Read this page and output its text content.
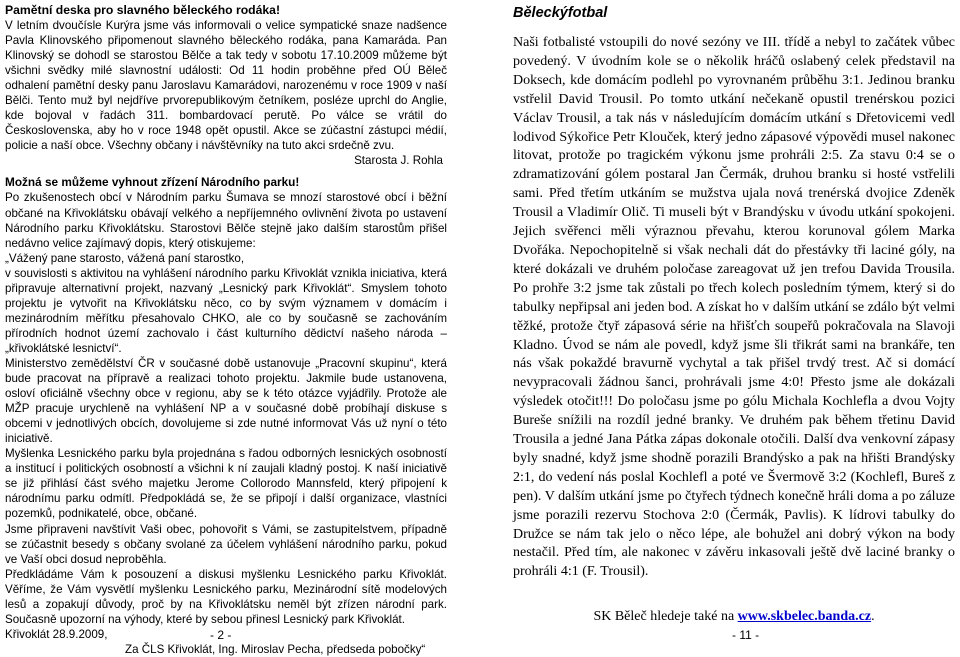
Pamětní deska pro slavného běleckého rodáka!

V letním dvoučísle Kurýra jsme vás informovali o velice sympatické snaze nadšence Pavla Klinovského připomenout slavného běleckého rodáka, pana Kamaráda. Pan Klinovský se dohodl se starostou Bělče a tak tedy v sobotu 17.10.2009 můžeme být všichni svědky milé slavnostní události: Od 11 hodin proběhne před OÚ Běleč odhalení pamětní desky panu Jaroslavu Kamarádovi, narozenému v roce 1909 v naší Bělči. Tento muž byl nejdříve prvorepublikovým četníkem, posléze uprchl do Anglie, kde bojoval v řadách 311. bombardovací perutě. Po válce se vrátil do Československa, aby ho v roce 1948 opět opustil. Akce se zúčastní zástupci médií, policie a naší obce. Všechny občany i návštěvníky na tuto akci srdečně zvu.

Starosta J. Rohla

Možná se můžeme vyhnout zřízení Národního parku!

Po zkušenostech obcí v Národním parku Šumava se mnozí starostové obcí i běžní občané na Křivoklátsku obávají velkého a nepříjemného ovlivnění života po ustavení Národního parku Křivoklátsku. Starostovi Bělče stejně jako dalším starostům přišel nedávno velice zajímavý dopis, který otiskujeme:

„Vážený pane starosto, vážená paní starostko,

v souvislosti s aktivitou na vyhlášení národního parku Křivoklát vznikla iniciativa, která připravuje alternativní projekt, nazvaný „Lesnický park Křivoklát“. Smyslem tohoto projektu je vytvořit na Křivoklátsku něco, co by svým významem v domácím i mezinárodním měřítku přesahovalo CHKO, ale co by současně se zachováním přírodních hodnot území zachovalo i část kulturního dědictví našeho národa – „křivoklátské lesnictví“.

Ministerstvo zemědělství ČR v současné době ustanovuje „Pracovní skupinu“, která bude pracovat na přípravě a realizaci tohoto projektu. Jakmile bude ustanovena, osloví oficiálně všechny obce v regionu, aby se k této otázce vyjádřily. Protože ale MŽP pracuje urychleně na vyhlášení NP a v současné době probíhají diskuse s obcemi v jednotlivých obcích, dovolujeme si zde nutné informovat Vás už nyní o této iniciativě.

Myšlenka Lesnického parku byla projednána s řadou odborných lesnických osobností a institucí i politických osobností a všichni k ní zaujali kladný postoj. K naší iniciativě se již přihlásí část svého majetku Jerome Collorodo Mannsfeld, který připojení k národnímu parku odmítl. Předpokládá se, že se připojí i další organizace, vlastníci pozemků, podnikatelé, obce, občané.

Jsme připraveni navštívit Vaši obec, pohovořit s Vámi, se zastupitelstvem, případně se zúčastnit besedy s občany svolané za účelem vyhlášení národního parku, pokud ve Vaší obci dosud neproběhla.

Předkládáme Vám k posouzení a diskusi myšlenku Lesnického parku Křivoklát. Věříme, že Vám vysvětlí myšlenku Lesnického parku, Mezinárodní sítě modelových lesů a zopakují důvody, proč by na Křivoklátsku neměl být zřízen národní park. Současně upozorní na výhody, které by sebou přinesl Lesnický park Křivoklát.

Křivoklát 28.9.2009,

Za ČLS Křivoklát, Ing. Miroslav Pecha, předseda pobočky“

- 2 -
Běleckýfotbal

Naši fotbalisté vstoupili do nové sezóny ve III. třídě a nebyl to začátek vůbec povedený. V úvodním kole se o několik hráčů oslabený celek představil na Doksech, kde domácím podlehl po vyrovnaném průběhu 3:1. Jedinou branku vstřelil David Trousil. Po tomto utkání nečekaně opustil trenérskou pozici Václav Trousil, a tak nás v následujícím domácím utkání s Dřetovicemi vedl lodivod Sýkořice Petr Klouček, který jedno zápasové výpovědi musel nakonec litovat, protože po tragickém výkonu jsme prohráli 2:5. Za stavu 0:4 se o zdramatizování gólem postaral Jan Čermák, druhou branku si hosté vstřelili sami. Před třetím utkáním se mužstva ujala nová trenérská dvojice Zdeněk Trousil a Vladimír Olič. Ti museli být v Brandýsku v úvodu utkání spokojeni. Jejich svěřenci měli výraznou převahu, kterou korunoval gólem Marka Dvořáka. Nepochopitelně si však nechali dát do přestávky tři laciné góly, na které dokázali ve druhém poločase zareagovat už jen trefou Davida Trousila. Po prohře 3:2 jsme tak zůstali po třech kolech posledním týmem, který si do tabulky nepřipsal ani jeden bod. A získat ho v dalším utkání se zdálo být velmi těžké, protože čtyř zápasová série na hřišťch soupeřů pokračovala na Slavoji Kladno. Úvod se nám ale povedl, když jsme šli třikrát sami na brankáře, ten nás však pokaždé bravurně vychytal a tak přišel trvdý trest. Ač si domácí nevypracovali žádnou šanci, prohrávali jsme 4:0! Přesto jsme ale dokázali výsledek otočit!!! Do poločasu jsme po gólu Michala Kochlefla a dvou Vojty Bureše snížili na rozdíl jedné branky. Ve druhém pak během třetinu David Trousila a jedné Jana Pátka zápas dokonale otočili. Další dva venkovní zápasy byly snadné, když jsme shodně porazili Brandýsko a pak na hřišti Brandýsky 2:1, do vedení nás poslal Kochlefl a poté ve Švermově 3:2 (Kochlefl, Bureš z pen). V dalším utkání jsme po čtyřech týdnech konečně hráli doma a po záluze jsme porazili rezervu Stochova 2:0 (Čermák, Pavlis). K lídrovi tabulky do Družce se nám tak jelo o něco lépe, ale bohužel ani dobrý výkon na body nestačil. Před tím, ale nakonec v závěru inkasovali ještě dvě laciné branky o prohráli 4:1 (F. Trousil).

SK Běleč hledeje také na www.skbelec.banda.cz.
- 11 -
